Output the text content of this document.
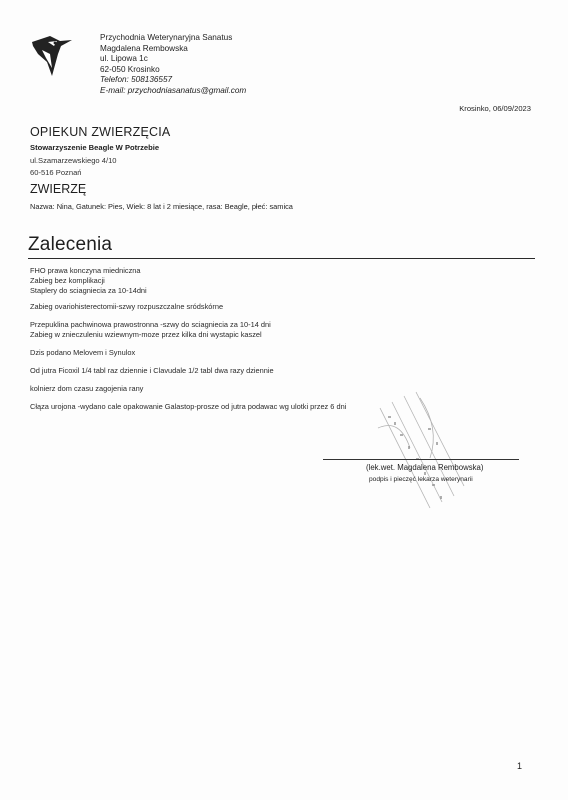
Przychodnia Weterynaryjna Sanatus
Magdalena Rembowska
ul. Lipowa 1c
62-050 Krosinko
Telefon: 508136557
E-mail: przychodniasanatus@gmail.com
Krosinko, 06/09/2023
OPIEKUN ZWIERZĘCIA
Stowarzyszenie Beagle W Potrzebie
ul.Szamarzewskiego 4/10
60-516 Poznań
ZWIERZĘ
Nazwa: Nina, Gatunek: Pies, Wiek: 8 lat i 2 miesiące, rasa: Beagle, płeć: samica
Zalecenia
FHO prawa konczyna miedniczna
Zabieg bez komplikacji
Staplery do sciagniecia za 10-14dni
Zabieg ovariohisterectomii-szwy rozpuszczalne sródskórne
Przepuklina pachwinowa prawostronna -szwy do sciagniecia za 10-14 dni
Zabieg w znieczuleniu wziewnym-moze przez kilka dni wystapic kaszel
Dzis podano Melovem i Synulox
Od jutra Ficoxil 1/4 tabl raz dziennie i Clavudale 1/2 tabl dwa razy dziennie
kolnierz dom czasu zagojenia rany
Cłąza urojona -wydano cale opakowanie Galastop-prosze od jutra podawac wg ulotki przez 6 dni
(lek.wet. Magdalena Rembowska)
podpis i pieczęć lekarza weterynarii
1
